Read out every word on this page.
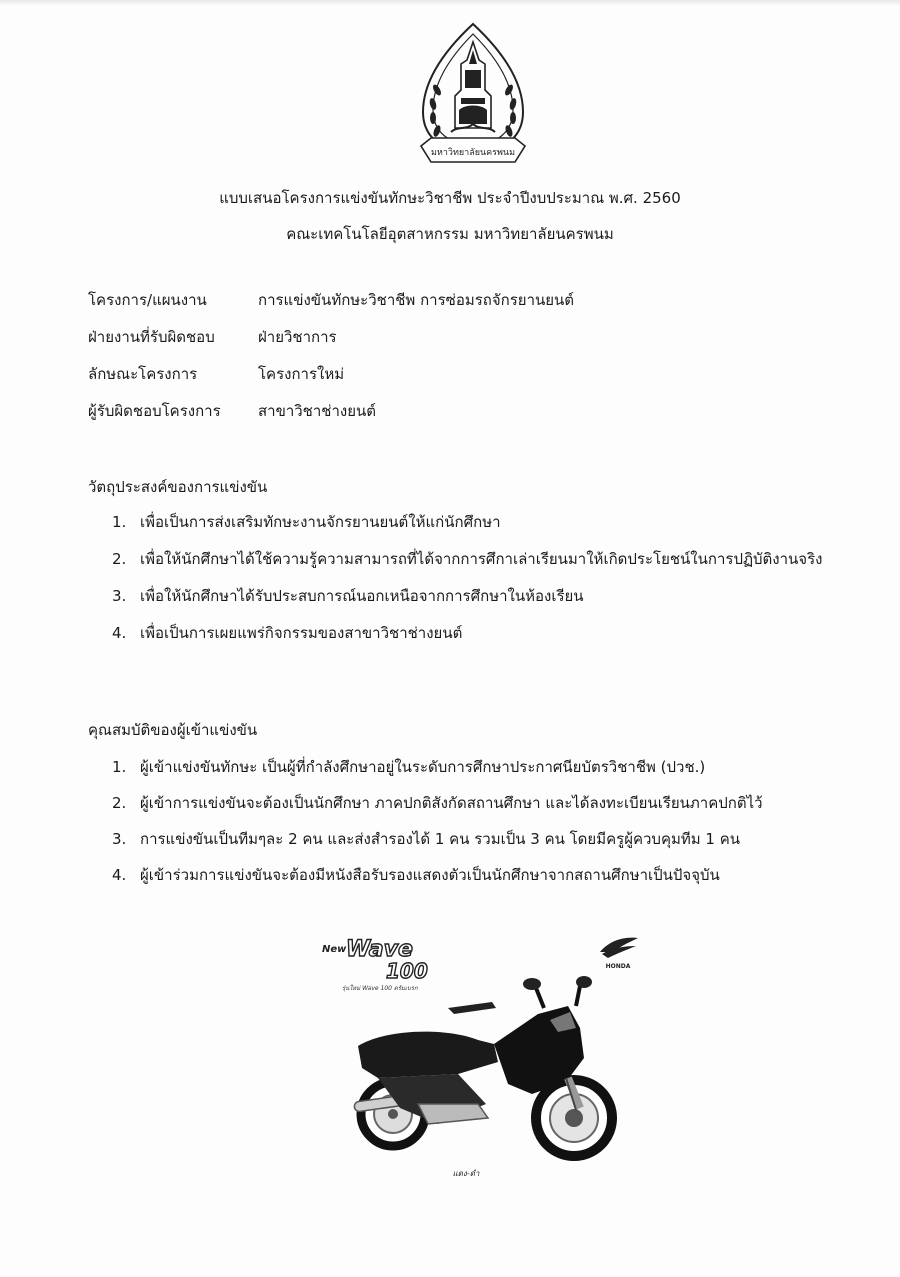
มหาวิทยาลัยนครพนม
แบบเสนอโครงการแข่งขันทักษะวิชาชีพ ประจำปีงบประมาณ พ.ศ. 2560
คณะเทคโนโลยีอุตสาหกรรม มหาวิทยาลัยนครพนม
โครงการ/แผนงาน	การแข่งขันทักษะวิชาชีพ การซ่อมรถจักรยานยนต์
ฝ่ายงานที่รับผิดชอบ	ฝ่ายวิชาการ
ลักษณะโครงการ	โครงการใหม่
ผู้รับผิดชอบโครงการ	สาขาวิชาช่างยนต์
วัตถุประสงค์ของการแข่งขัน
1. เพื่อเป็นการส่งเสริมทักษะงานจักรยานยนต์ให้แก่นักศึกษา
2. เพื่อให้นักศึกษาได้ใช้ความรู้ความสามารถที่ได้จากการศึกาเล่าเรียนมาให้เกิดประโยชน์ในการปฏิบัติงานจริง
3. เพื่อให้นักศึกษาได้รับประสบการณ์นอกเหนือจากการศึกษาในห้องเรียน
4. เพื่อเป็นการเผยแพร่กิจกรรมของสาขาวิชาช่างยนต์
คุณสมบัติของผู้เข้าแข่งขัน
1. ผู้เข้าแข่งขันทักษะ เป็นผู้ที่กำลังศึกษาอยู่ในระดับการศึกษาประกาศนียบัตรวิชาชีพ (ปวช.)
2. ผู้เข้าการแข่งขันจะต้องเป็นนักศึกษา ภาคปกติสังกัดสถานศึกษา และได้ลงทะเบียนเรียนภาคปกติไว้
3. การแข่งขันเป็นทีมๆละ 2 คน และส่งสำรองได้ 1 คน รวมเป็น 3 คน โดยมีครูผู้ควบคุมทีม 1 คน
4. ผู้เข้าร่วมการแข่งขันจะต้องมีหนังสือรับรองแสดงตัวเป็นนักศึกษาจากสถานศึกษาเป็นปัจจุบัน
New Wave
100
รุ่นใหม่ Wave 100 ดรัมเบรก
HONDA
แดง-ดำ
